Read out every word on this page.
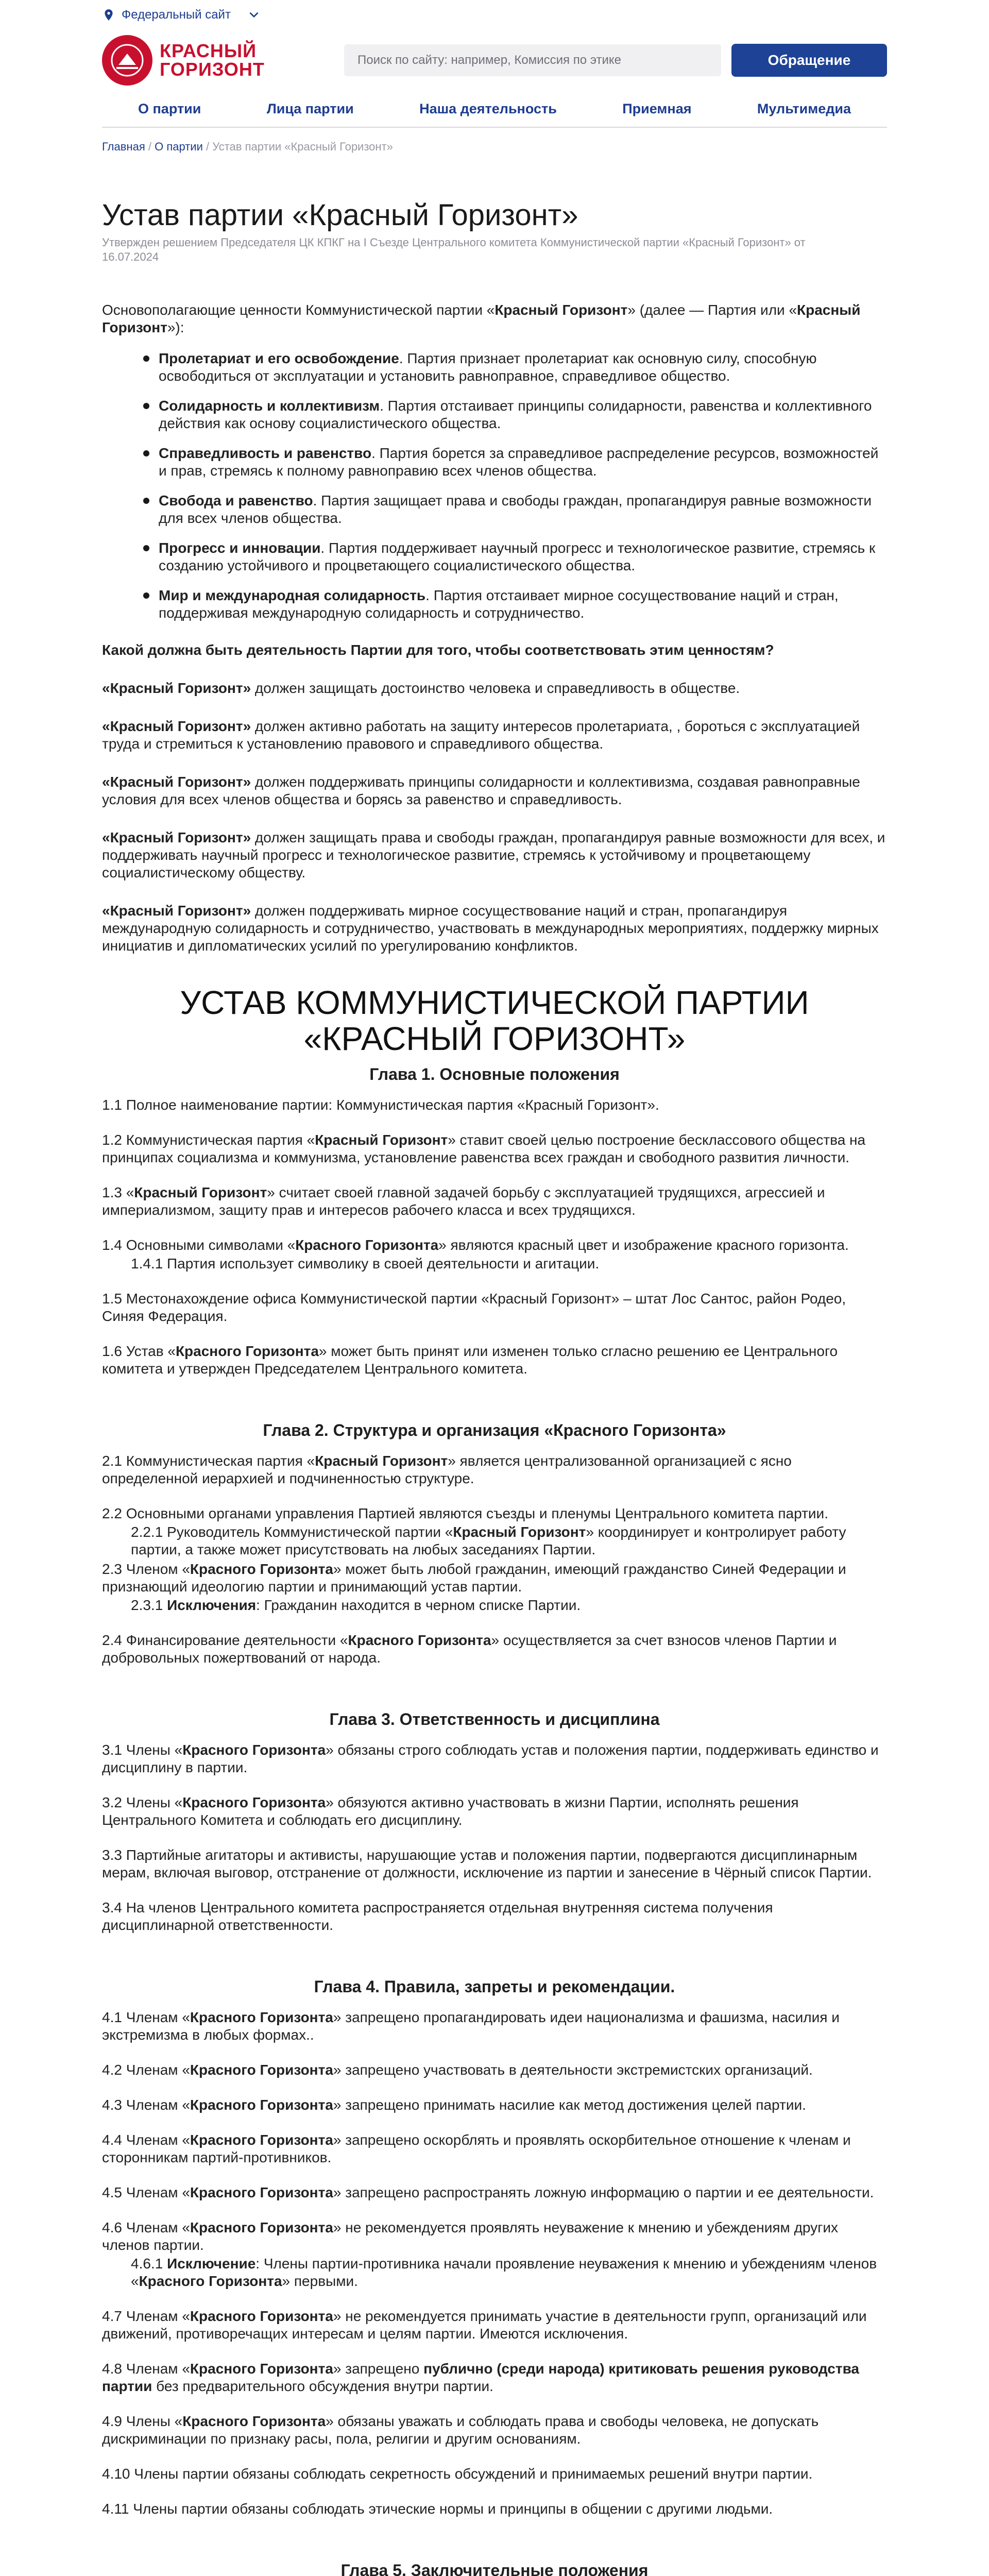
Федеральный сайт
КРАСНЫЙ
ГОРИЗОНТ	Поиск по сайту: например, Комиссия по этике	Обращение
О партии	Лица партии	Наша деятельность	Приемная	Мультимедиа
Главная / О партии / Устав партии «Красный Горизонт»
Устав партии «Красный Горизонт»
Утвержден решением Председателя ЦК КПКГ на I Съезде Центрального комитета Коммунистической партии «Красный Горизонт» от 16.07.2024
Основополагающие ценности Коммунистической партии «Красный Горизонт» (далее — Партия или «Красный Горизонт»):
Пролетариат и его освобождение. Партия признает пролетариат как основную силу, способную освободиться от эксплуатации и установить равноправное, справедливое общество.
Солидарность и коллективизм. Партия отстаивает принципы солидарности, равенства и коллективного действия как основу социалистического общества.
Справедливость и равенство. Партия борется за справедливое распределение ресурсов, возможностей и прав, стремясь к полному равноправию всех членов общества.
Свобода и равенство. Партия защищает права и свободы граждан, пропагандируя равные возможности для всех членов общества.
Прогресс и инновации. Партия поддерживает научный прогресс и технологическое развитие, стремясь к созданию устойчивого и процветающего социалистического общества.
Мир и международная солидарность. Партия отстаивает мирное сосуществование наций и стран, поддерживая международную солидарность и сотрудничество.
Какой должна быть деятельность Партии для того, чтобы соответствовать этим ценностям?
«Красный Горизонт» должен защищать достоинство человека и справедливость в обществе.
«Красный Горизонт» должен активно работать на защиту интересов пролетариата, , бороться с эксплуатацией труда и стремиться к установлению правового и справедливого общества.
«Красный Горизонт» должен поддерживать принципы солидарности и коллективизма, создавая равноправные условия для всех членов общества и борясь за равенство и справедливость.
«Красный Горизонт» должен защищать права и свободы граждан, пропагандируя равные возможности для всех, и поддерживать научный прогресс и технологическое развитие, стремясь к устойчивому и процветающему социалистическому обществу.
«Красный Горизонт» должен поддерживать мирное сосуществование наций и стран, пропагандируя международную солидарность и сотрудничество, участвовать в международных мероприятиях, поддержку мирных инициатив и дипломатических усилий по урегулированию конфликтов.
УСТАВ КОММУНИСТИЧЕСКОЙ ПАРТИИ
«КРАСНЫЙ ГОРИЗОНТ»
Глава 1. Основные положения
1.1 Полное наименование партии: Коммунистическая партия «Красный Горизонт».
1.2 Коммунистическая партия «Красный Горизонт» ставит своей целью построение бесклассового общества на принципах социализма и коммунизма, установление равенства всех граждан и свободного развития личности.
1.3 «Красный Горизонт» считает своей главной задачей борьбу с эксплуатацией трудящихся, агрессией и империализмом, защиту прав и интересов рабочего класса и всех трудящихся.
1.4 Основными символами «Красного Горизонта» являются красный цвет и изображение красного горизонта.
1.4.1 Партия использует символику в своей деятельности и агитации.
1.5 Местонахождение офиса Коммунистической партии «Красный Горизонт» – штат Лос Сантос, район Родео, Синяя Федерация.
1.6 Устав «Красного Горизонта» может быть принят или изменен только сгласно решению ее Центрального комитета и утвержден Председателем Центрального комитета.
Глава 2. Структура и организация «Красного Горизонта»
2.1 Коммунистическая партия «Красный Горизонт» является централизованной организацией с ясно определенной иерархией и подчиненностью структуре.
2.2 Основными органами управления Партией являются съезды и пленумы Центрального комитета партии.
2.2.1 Руководитель Коммунистической партии «Красный Горизонт» координирует и контролирует работу партии, а также может присутствовать на любых заседаниях Партии.
2.3 Членом «Красного Горизонта» может быть любой гражданин, имеющий гражданство Синей Федерации и признающий идеологию партии и принимающий устав партии.
2.3.1 Исключения: Гражданин находится в черном списке Партии.
2.4 Финансирование деятельности «Красного Горизонта» осуществляется за счет взносов членов Партии и добровольных пожертвований от народа.
Глава 3. Ответственность и дисциплина
3.1 Члены «Красного Горизонта» обязаны строго соблюдать устав и положения партии, поддерживать единство и дисциплину в партии.
3.2 Члены «Красного Горизонта» обязуются активно участвовать в жизни Партии, исполнять решения Центрального Комитета и соблюдать его дисциплину.
3.3 Партийные агитаторы и активисты, нарушающие устав и положения партии, подвергаются дисциплинарным мерам, включая выговор, отстранение от должности, исключение из партии и занесение в Чёрный список Партии.
3.4 На членов Центрального комитета распространяется отдельная внутренняя система получения дисциплинарной ответственности.
Глава 4. Правила, запреты и рекомендации.
4.1 Членам «Красного Горизонта» запрещено пропагандировать идеи национализма и фашизма, насилия и экстремизма в любых формах..
4.2 Членам «Красного Горизонта» запрещено участвовать в деятельности экстремистских организаций.
4.3 Членам «Красного Горизонта» запрещено принимать насилие как метод достижения целей партии.
4.4 Членам «Красного Горизонта» запрещено оскорблять и проявлять оскорбительное отношение к членам и сторонникам партий-противников.
4.5 Членам «Красного Горизонта» запрещено распространять ложную информацию о партии и ее деятельности.
4.6 Членам «Красного Горизонта» не рекомендуется проявлять неуважение к мнению и убеждениям других членов партии.
4.6.1 Исключение: Члены партии-противника начали проявление неуважения к мнению и убеждениям членов «Красного Горизонта» первыми.
4.7 Членам «Красного Горизонта» не рекомендуется принимать участие в деятельности групп, организаций или движений, противоречащих интересам и целям партии. Имеются исключения.
4.8 Членам «Красного Горизонта» запрещено публично (среди народа) критиковать решения руководства партии без предварительного обсуждения внутри партии.
4.9 Члены «Красного Горизонта» обязаны уважать и соблюдать права и свободы человека, не допускать дискриминации по признаку расы, пола, религии и другим основаниям.
4.10 Члены партии обязаны соблюдать секретность обсуждений и принимаемых решений внутри партии.
4.11 Члены партии обязаны соблюдать этические нормы и принципы в общении с другими людьми.
Глава 5. Заключительные положения
